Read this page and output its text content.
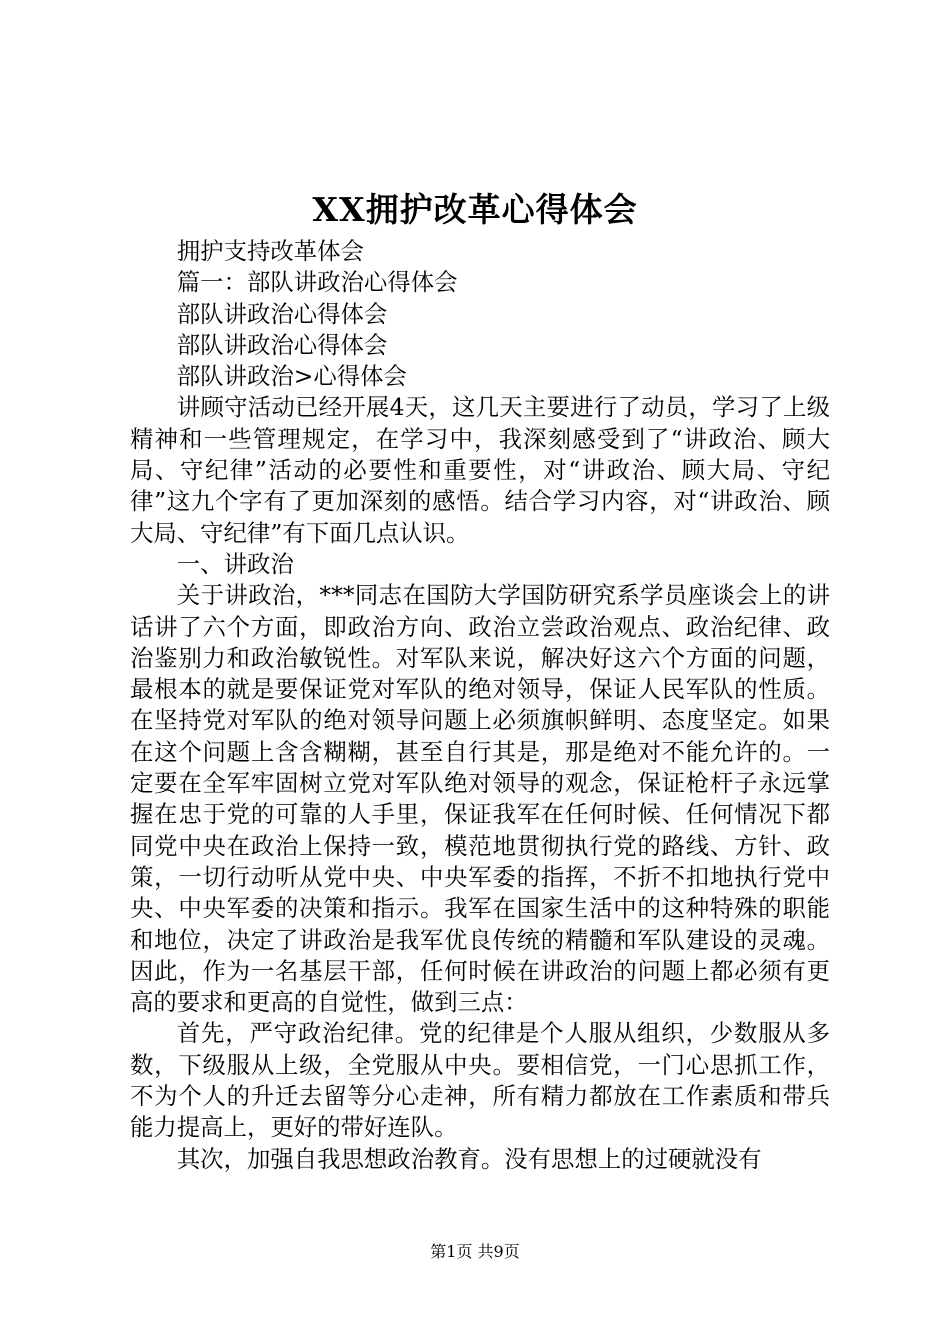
XX拥护改革心得体会

拥护支持改革体会

篇一：部队讲政治心得体会

部队讲政治心得体会

部队讲政治心得体会

部队讲政治>心得体会

讲顾守活动已经开展4天，这几天主要进行了动员，学习了上级精神和一些管理规定，在学习中，我深刻感受到了“讲政治、顾大局、守纪律”活动的必要性和重要性，对“讲政治、顾大局、守纪律”这九个字有了更加深刻的感悟。结合学习内容，对“讲政治、顾大局、守纪律”有下面几点认识。

一、讲政治

关于讲政治，***同志在国防大学国防研究系学员座谈会上的讲话讲了六个方面，即政治方向、政治立尝政治观点、政治纪律、政治鉴别力和政治敏锐性。对军队来说，解决好这六个方面的问题，最根本的就是要保证党对军队的绝对领导，保证人民军队的性质。在坚持党对军队的绝对领导问题上必须旗帜鲜明、态度坚定。如果在这个问题上含含糊糊，甚至自行其是，那是绝对不能允许的。一定要在全军牢固树立党对军队绝对领导的观念，保证枪杆子永远掌握在忠于党的可靠的人手里，保证我军在任何时候、任何情况下都同党中央在政治上保持一致，模范地贯彻执行党的路线、方针、政策，一切行动听从党中央、中央军委的指挥，不折不扣地执行党中央、中央军委的决策和指示。我军在国家生活中的这种特殊的职能和地位，决定了讲政治是我军优良传统的精髓和军队建设的灵魂。因此，作为一名基层干部，任何时候在讲政治的问题上都必须有更高的要求和更高的自觉性，做到三点：

首先，严守政治纪律。党的纪律是个人服从组织，少数服从多数，下级服从上级，全党服从中央。要相信党，一门心思抓工作，不为个人的升迁去留等分心走神，所有精力都放在工作素质和带兵能力提高上，更好的带好连队。

其次，加强自我思想政治教育。没有思想上的过硬就没有

第1页 共9页
